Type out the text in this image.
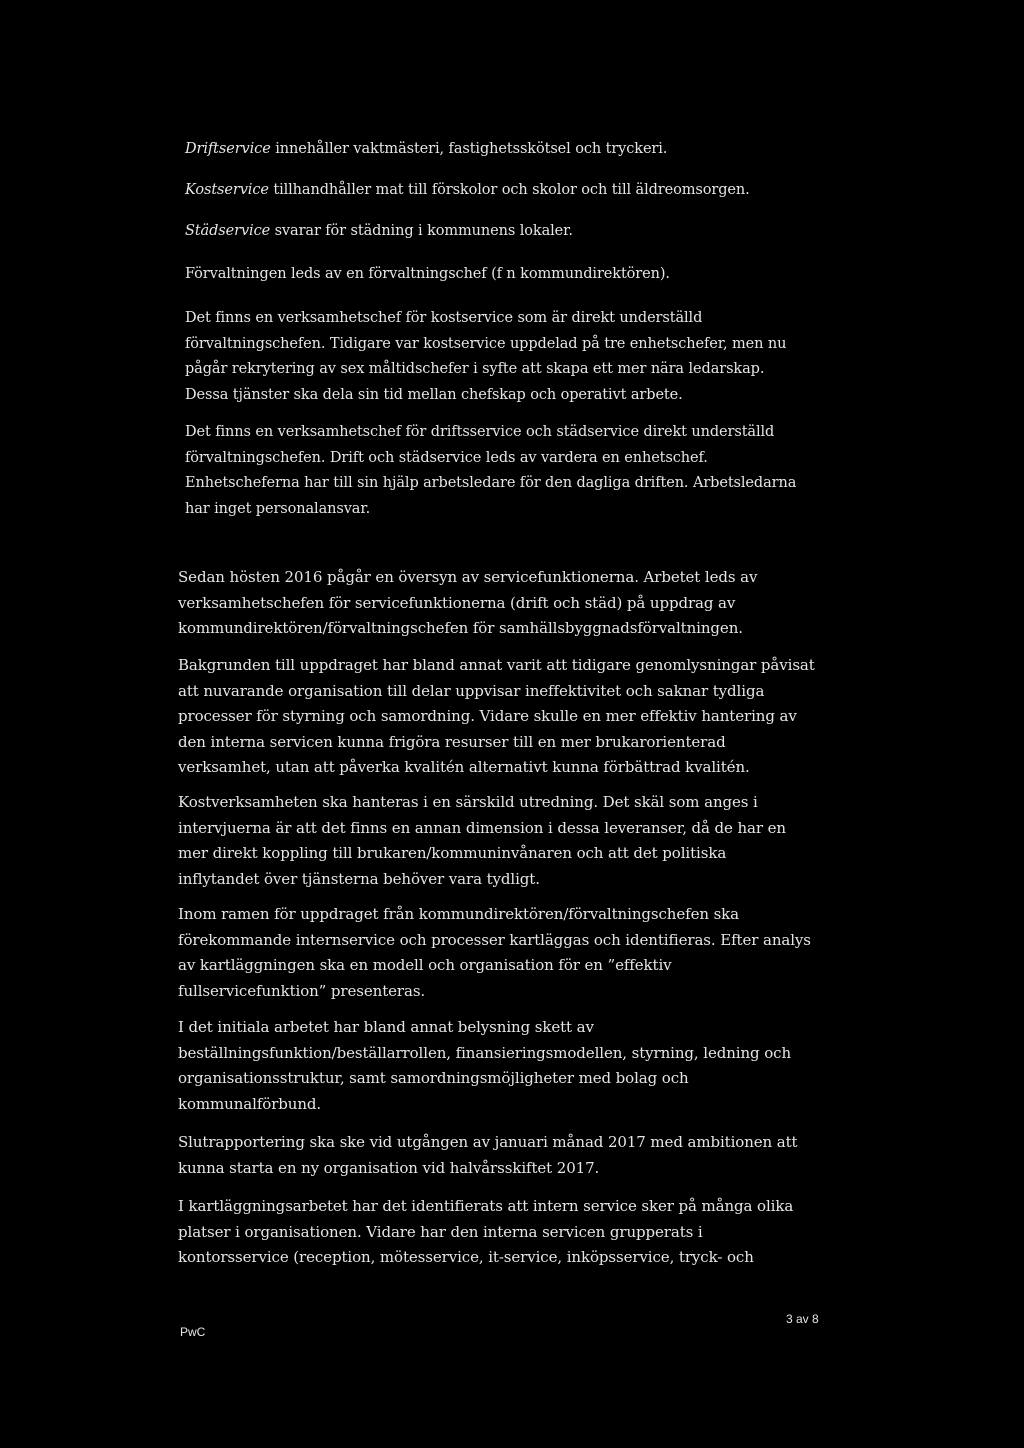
Driftservice innehåller vaktmästeri, fastighetsskötsel och tryckeri.

Kostservice tillhandhåller mat till förskolor och skolor och till äldreomsorgen.

Städservice svarar för städning i kommunens lokaler.

Förvaltningen leds av en förvaltningschef (f n kommundirektören).

Det finns en verksamhetschef för kostservice som är direkt underställd
förvaltningschefen. Tidigare var kostservice uppdelad på tre enhetschefer, men nu
pågår rekrytering av sex måltidschefer i syfte att skapa ett mer nära ledarskap.
Dessa tjänster ska dela sin tid mellan chefskap och operativt arbete.

Det finns en verksamhetschef för driftsservice och städservice direkt underställd
förvaltningschefen. Drift och städservice leds av vardera en enhetschef.
Enhetscheferna har till sin hjälp arbetsledare för den dagliga driften. Arbetsledarna
har inget personalansvar.

Sedan hösten 2016 pågår en översyn av servicefunktionerna. Arbetet leds av
verksamhetschefen för servicefunktionerna (drift och städ) på uppdrag av
kommundirektören/förvaltningschefen för samhällsbyggnadsförvaltningen.

Bakgrunden till uppdraget har bland annat varit att tidigare genomlysningar påvisat
att nuvarande organisation till delar uppvisar ineffektivitet och saknar tydliga
processer för styrning och samordning. Vidare skulle en mer effektiv hantering av
den interna servicen kunna frigöra resurser till en mer brukarorienterad
verksamhet, utan att påverka kvalitén alternativt kunna förbättrad kvalitén.

Kostverksamheten ska hanteras i en särskild utredning. Det skäl som anges i
intervjuerna är att det finns en annan dimension i dessa leveranser, då de har en
mer direkt koppling till brukaren/kommuninvånaren och att det politiska
inflytandet över tjänsterna behöver vara tydligt.

Inom ramen för uppdraget från kommundirektören/förvaltningschefen ska
förekommande internservice och processer kartläggas och identifieras. Efter analys
av kartläggningen ska en modell och organisation för en ”effektiv
fullservicefunktion” presenteras.

I det initiala arbetet har bland annat belysning skett av
beställningsfunktion/beställarrollen, finansieringsmodellen, styrning, ledning och
organisationsstruktur, samt samordningsmöjligheter med bolag och
kommunalförbund.

Slutrapportering ska ske vid utgången av januari månad 2017 med ambitionen att
kunna starta en ny organisation vid halvårsskiftet 2017.

I kartläggningsarbetet har det identifierats att intern service sker på många olika
platser i organisationen. Vidare har den interna servicen grupperats i
kontorsservice (reception, mötesservice, it-service, inköpsservice, tryck- och

PwC
3 av 8
